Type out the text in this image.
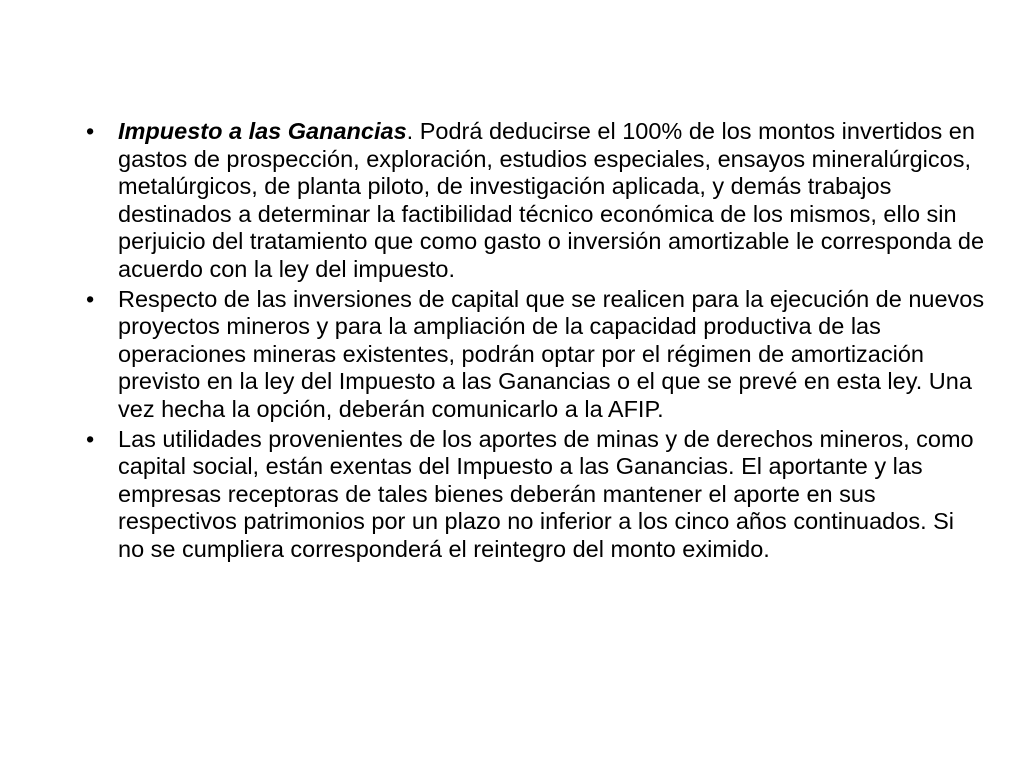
• Impuesto a las Ganancias. Podrá deducirse el 100% de los montos invertidos en gastos de prospección, exploración, estudios especiales, ensayos mineralúrgicos, metalúrgicos, de planta piloto, de investigación aplicada, y demás trabajos destinados a determinar la factibilidad técnico económica de los mismos, ello sin perjuicio del tratamiento que como gasto o inversión amortizable le corresponda de acuerdo con la ley del impuesto.
• Respecto de las inversiones de capital que se realicen para la ejecución de nuevos proyectos mineros y para la ampliación de la capacidad productiva de las operaciones mineras existentes, podrán optar por el régimen de amortización previsto en la ley del Impuesto a las Ganancias o el que se prevé en esta ley. Una vez hecha la opción, deberán comunicarlo a la AFIP.
• Las utilidades provenientes de los aportes de minas y de derechos mineros, como capital social, están exentas del Impuesto a las Ganancias. El aportante y las empresas receptoras de tales bienes deberán mantener el aporte en sus respectivos patrimonios por un plazo no inferior a los cinco años continuados. Si no se cumpliera corresponderá el reintegro del monto eximido.
